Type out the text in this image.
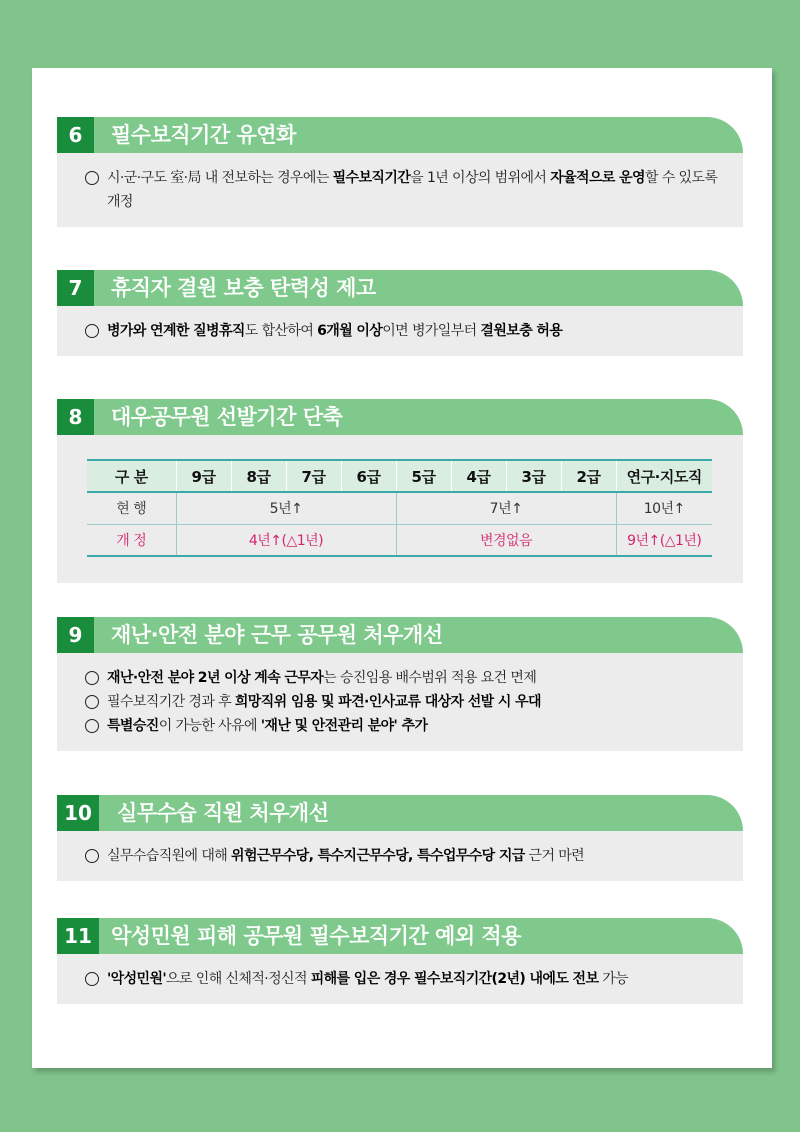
6	필수보직기간 유연화
시·군·구도 室·局 내 전보하는 경우에는 필수보직기간을 1년 이상의 범위에서 자율적으로 운영할 수 있도록 개정
7	휴직자 결원 보충 탄력성 제고
병가와 연계한 질병휴직도 합산하여 6개월 이상이면 병가일부터 결원보충 허용
8	대우공무원 선발기간 단축
구 분	9급	8급	7급	6급	5급	4급	3급	2급	연구·지도직
현 행	5년↑				7년↑				10년↑
개 정	4년↑(△1년)				변경없음				9년↑(△1년)
9	재난·안전 분야 근무 공무원 처우개선
재난·안전 분야 2년 이상 계속 근무자는 승진임용 배수범위 적용 요건 면제
필수보직기간 경과 후 희망직위 임용 및 파견·인사교류 대상자 선발 시 우대
특별승진이 가능한 사유에 '재난 및 안전관리 분야' 추가
10	실무수습 직원 처우개선
실무수습직원에 대해 위험근무수당, 특수지근무수당, 특수업무수당 지급 근거 마련
11 악성민원 피해 공무원 필수보직기간 예외 적용
'악성민원'으로 인해 신체적·정신적 피해를 입은 경우 필수보직기간(2년) 내에도 전보 가능
